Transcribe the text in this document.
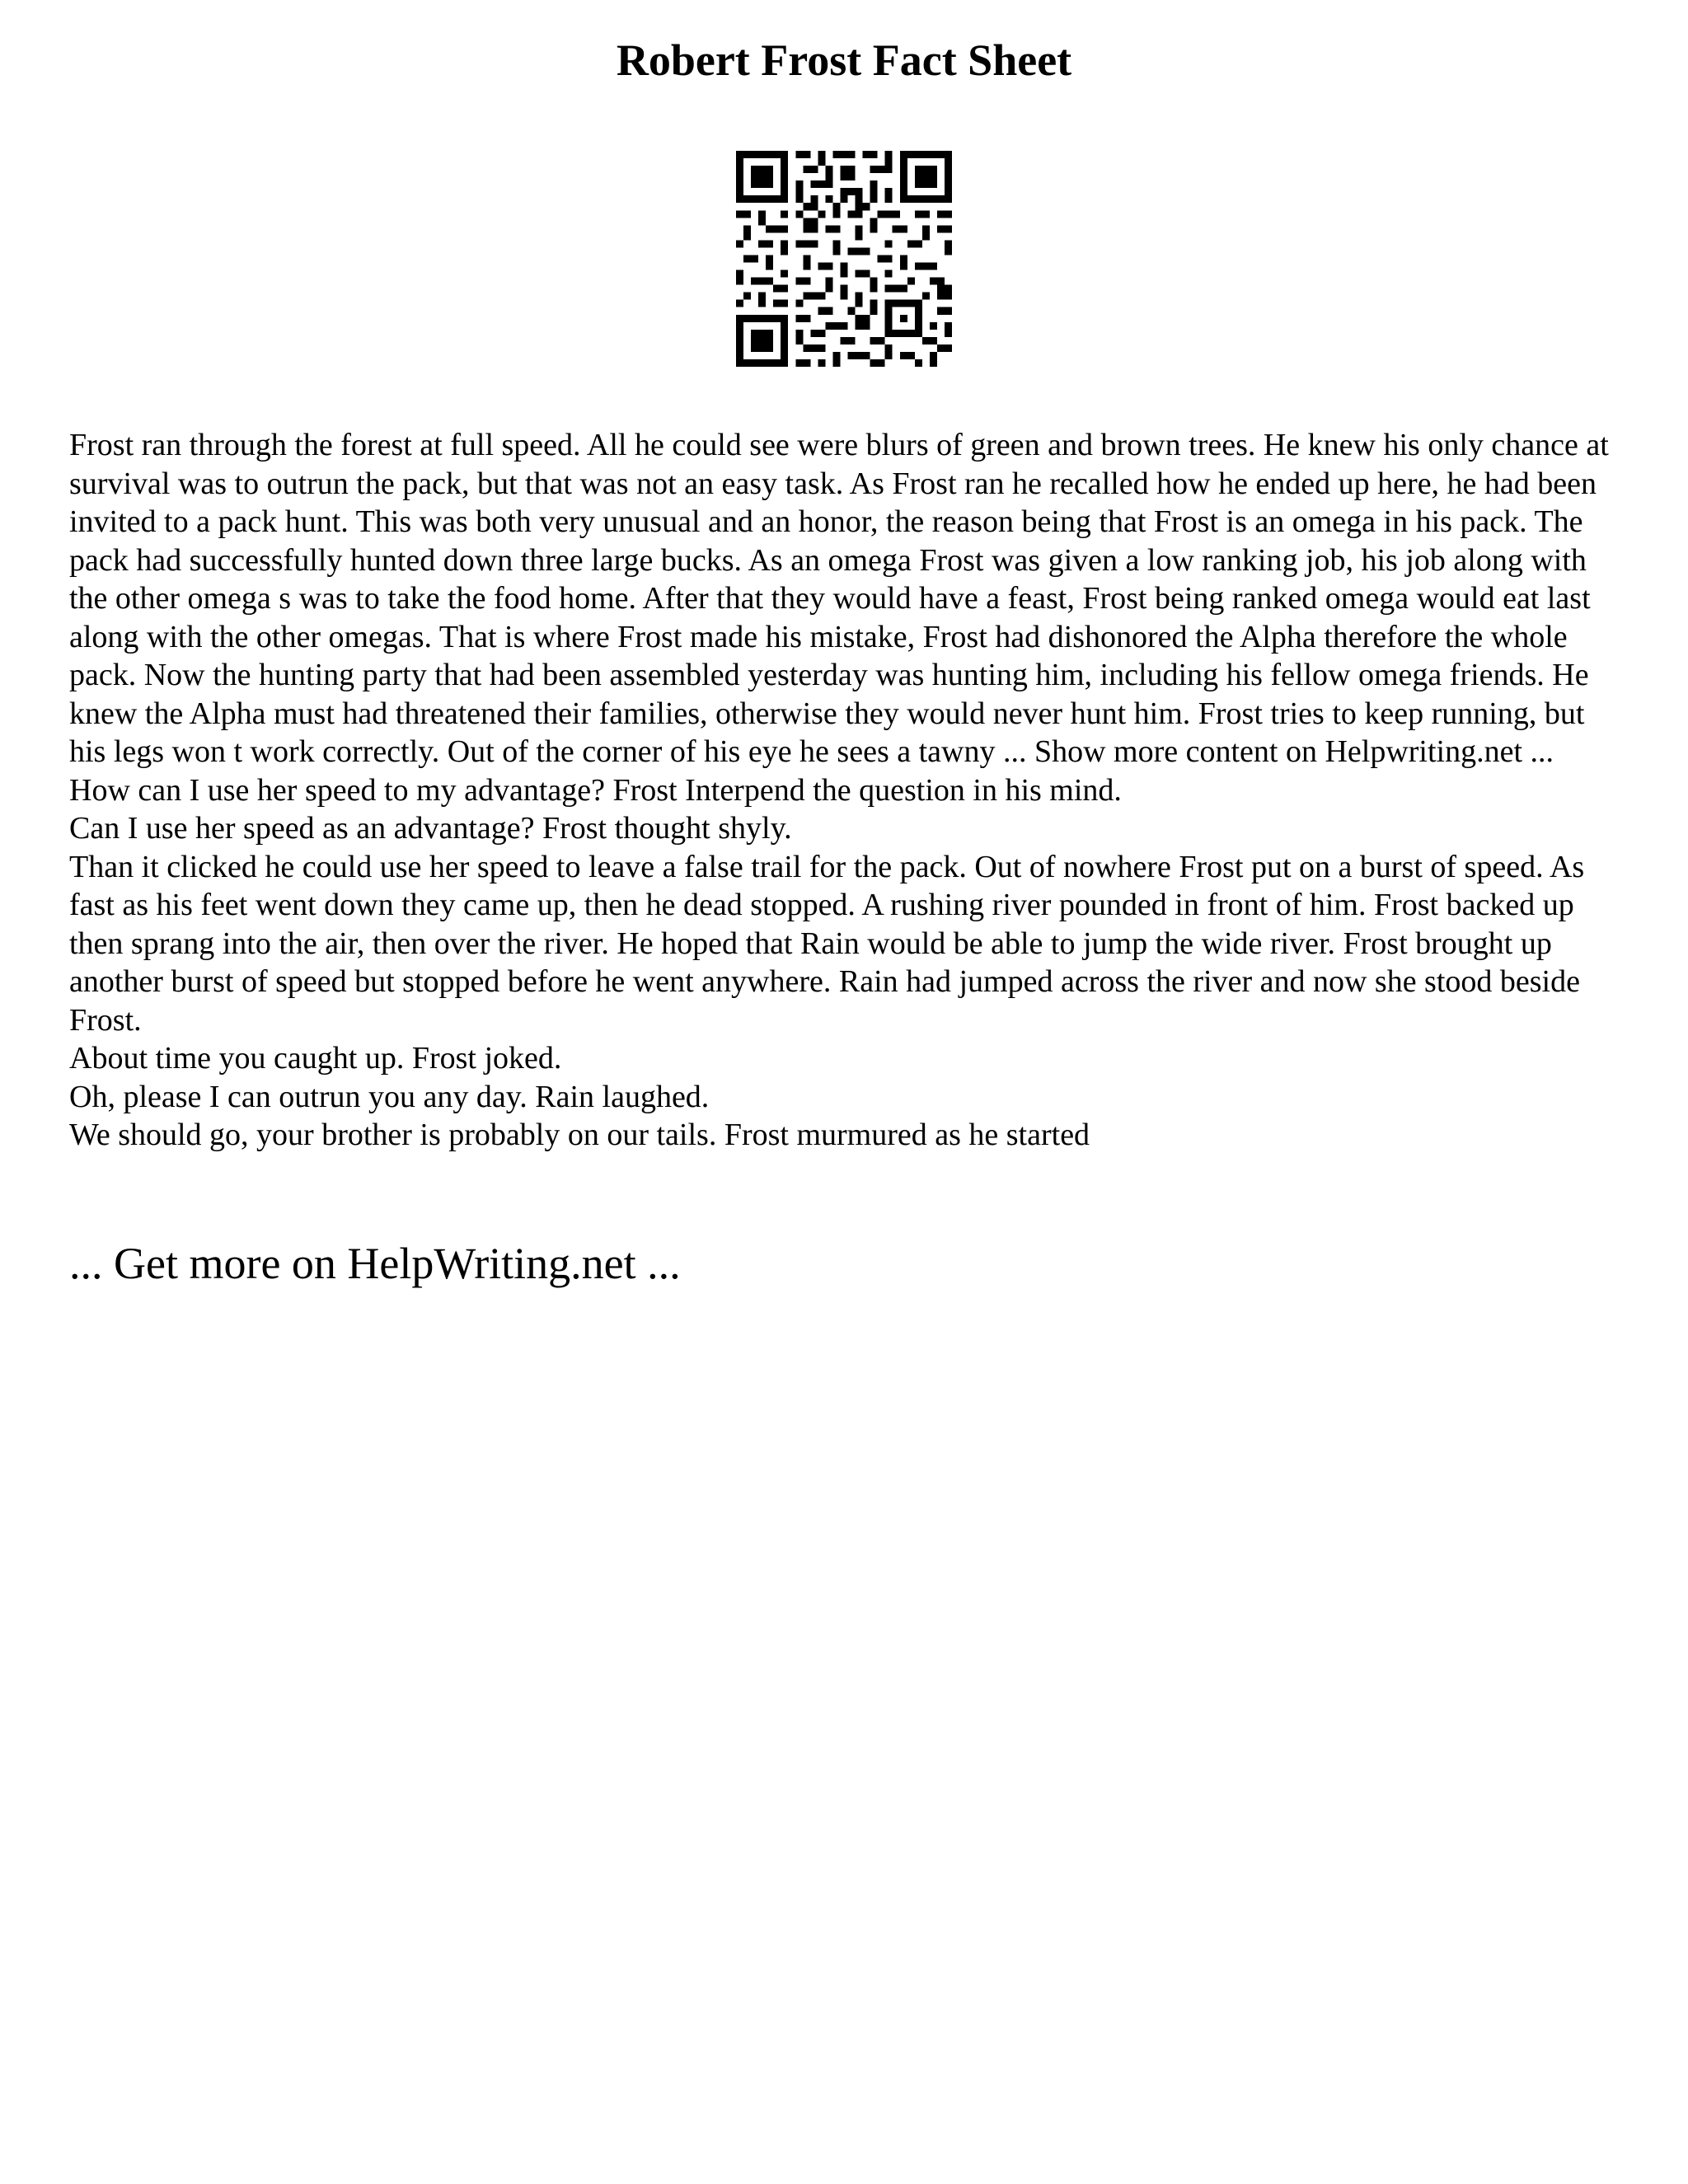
Robert Frost Fact Sheet

Frost ran through the forest at full speed. All he could see were blurs of green and brown trees. He knew his only chance at survival was to outrun the pack, but that was not an easy task. As Frost ran he recalled how he ended up here, he had been invited to a pack hunt. This was both very unusual and an honor, the reason being that Frost is an omega in his pack. The pack had successfully hunted down three large bucks. As an omega Frost was given a low ranking job, his job along with the other omega s was to take the food home. After that they would have a feast, Frost being ranked omega would eat last along with the other omegas. That is where Frost made his mistake, Frost had dishonored the Alpha therefore the whole pack. Now the hunting party that had been assembled yesterday was hunting him, including his fellow omega friends. He knew the Alpha must had threatened their families, otherwise they would never hunt him. Frost tries to keep running, but his legs won t work correctly. Out of the corner of his eye he sees a tawny ... Show more content on Helpwriting.net ...

How can I use her speed to my advantage? Frost Interpend the question in his mind.

Can I use her speed as an advantage? Frost thought shyly.

Than it clicked he could use her speed to leave a false trail for the pack. Out of nowhere Frost put on a burst of speed. As fast as his feet went down they came up, then he dead stopped. A rushing river pounded in front of him. Frost backed up then sprang into the air, then over the river. He hoped that Rain would be able to jump the wide river. Frost brought up another burst of speed but stopped before he went anywhere. Rain had jumped across the river and now she stood beside Frost.

About time you caught up. Frost joked.

Oh, please I can outrun you any day. Rain laughed.

We should go, your brother is probably on our tails. Frost murmured as he started

... Get more on HelpWriting.net ...
